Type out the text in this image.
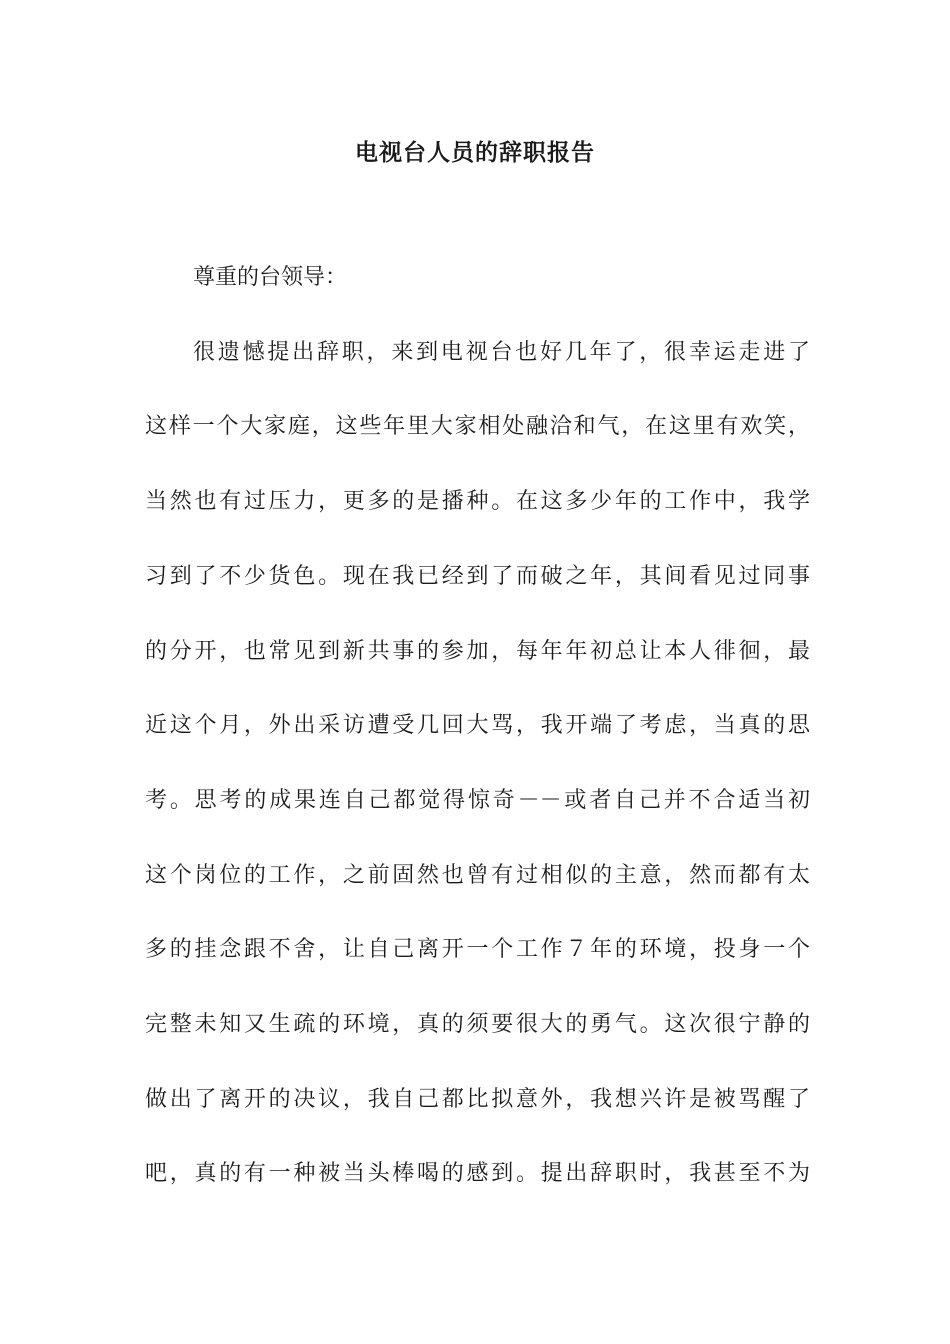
电视台人员的辞职报告
尊重的台领导：
很遗憾提出辞职，来到电视台也好几年了，很幸运走进了
这样一个大家庭，这些年里大家相处融洽和气，在这里有欢笑，
当然也有过压力，更多的是播种。在这多少年的工作中，我学
习到了不少货色。现在我已经到了而破之年，其间看见过同事
的分开，也常见到新共事的参加，每年年初总让本人徘徊，最
近这个月，外出采访遭受几回大骂，我开端了考虑，当真的思
考。思考的成果连自己都觉得惊奇－－或者自己并不合适当初
这个岗位的工作，之前固然也曾有过相似的主意，然而都有太
多的挂念跟不舍，让自己离开一个工作７年的环境，投身一个
完整未知又生疏的环境，真的须要很大的勇气。这次很宁静的
做出了离开的决议，我自己都比拟意外，我想兴许是被骂醒了
吧，真的有一种被当头棒喝的感到。提出辞职时，我甚至不为
